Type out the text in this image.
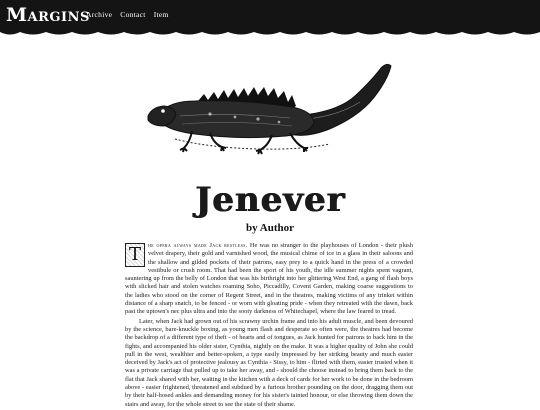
Margins
Archive Contact Item
Jenever
by Author

T	he opera always made Jack restless. He was no stranger to the playhouses of London - their plush velvet drapery, their gold and varnished wood, the musical chime of ice in a glass in their saloons and the shallow and gilded pockets of their patrons, easy prey to a quick hand in the press of a crowded vestibule or crush room. That had been the sport of his youth, the idle summer nights spent vagrant, sauntering up from the belly of London that was his birthright into her glittering West End, a gang of flash boys with slicked hair and stolen watches roaming Soho, Piccadilly, Covent Garden, making coarse suggestions to the ladies who stood on the corner of Regent Street, and in the theatres, making victims of any trinket within distance of a sharp snatch, to be fenced - or worn with gloating pride - when they retreated with the dawn, back past the uptown's nec plus ultra and into the sooty darkness of Whitechapel, where the law feared to tread.

Later, when Jack had grown out of his scrawny urchin frame and into his adult muscle, and been devoured by the science, bare-knuckle boxing, as young men flash and desperate so often were, the theatres had become the backdrop of a different type of theft - of hearts and of tongues, as Jack hunted for patrons to back him in the fights, and accompanied his older sister, Cynthia, nightly on the make. It was a higher quality of John she could pull in the west, wealthier and better-spoken, a type easily impressed by her striking beauty and much easier deceived by Jack's act of protective jealousy as Cynthia - Sissy, to him - flirted with them, easier trusted when it was a private carriage that pulled up to take her away, and - should the choose instead to bring them back to the flat that Jack shared with her, waiting in the kitchen with a deck of cards for her work to be done in the bedroom above - easier frightened, threatened and subdued by a furious brother pounding on the door, dragging them out by their half-hosed ankles and demanding money for his sister's tainted honour, or else throwing them down the stairs and away, for the whole street to see the state of their shame.
